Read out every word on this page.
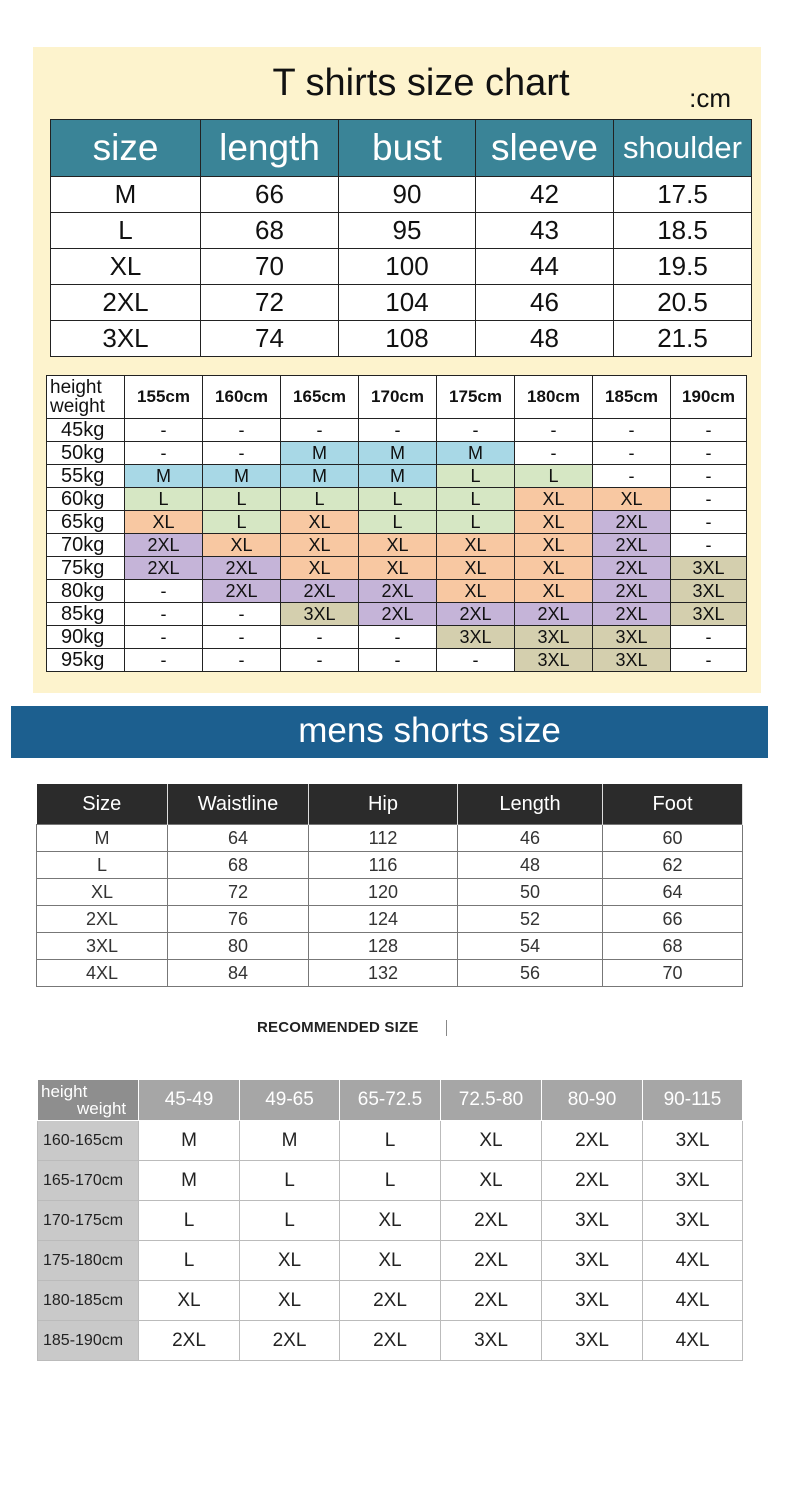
T shirts size chart	:cm
size	length	bust	sleeve	shoulder
M	66	90	42	17.5
L	68	95	43	18.5
XL	70	100	44	19.5
2XL	72	104	46	20.5
3XL	74	108	48	21.5
height
weight	155cm	160cm	165cm	170cm	175cm	180cm	185cm	190cm
45kg	-	-	-	-	-	-	-	-
50kg	-	-	M	M	M	-	-	-
55kg	M	M	M	M	L	L	-	-
60kg	L	L	L	L	L	XL	XL	-
65kg	XL	L	XL	L	L	XL	2XL	-
70kg	2XL	XL	XL	XL	XL	XL	2XL	-
75kg	2XL	2XL	XL	XL	XL	XL	2XL	3XL
80kg	-	2XL	2XL	2XL	XL	XL	2XL	3XL
85kg	-	-	3XL	2XL	2XL	2XL	2XL	3XL
90kg	-	-	-	-	3XL	3XL	3XL	-
95kg	-	-	-	-	-	3XL	3XL	-
mens shorts size
Size	Waistline	Hip	Length	Foot
M	64	112	46	60
L	68	116	48	62
XL	72	120	50	64
2XL	76	124	52	66
3XL	80	128	54	68
4XL	84	132	56	70
RECOMMENDED SIZE
height
weight	45-49	49-65	65-72.5	72.5-80	80-90	90-115
160-165cm	M	M	L	XL	2XL	3XL
165-170cm	M	L	L	XL	2XL	3XL
170-175cm	L	L	XL	2XL	3XL	3XL
175-180cm	L	XL	XL	2XL	3XL	4XL
180-185cm	XL	XL	2XL	2XL	3XL	4XL
185-190cm	2XL	2XL	2XL	3XL	3XL	4XL
